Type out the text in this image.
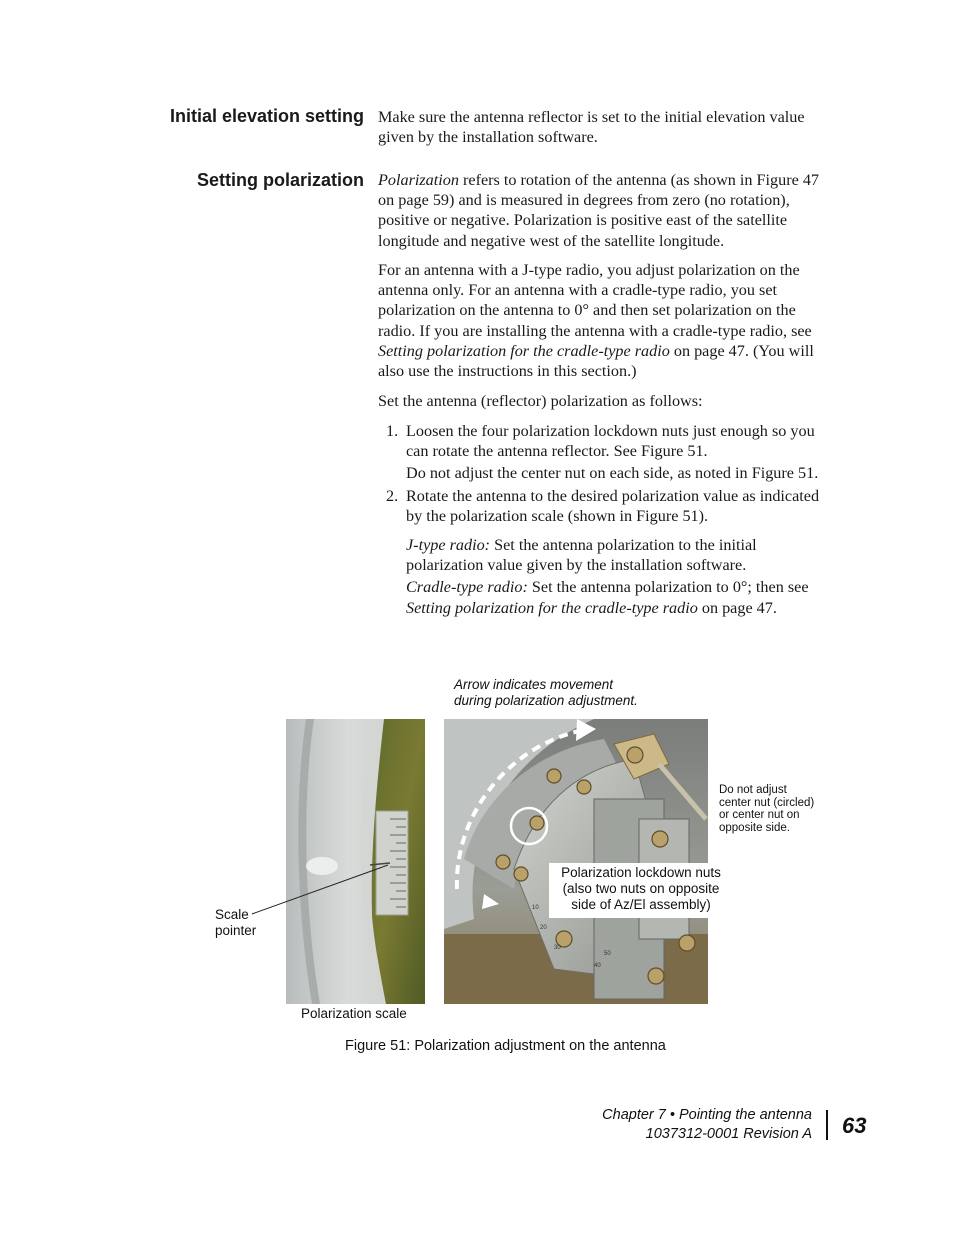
Initial elevation setting
Setting polarization

Make sure the antenna reflector is set to the initial elevation value given by the installation software.

Polarization refers to rotation of the antenna (as shown in Figure 47 on page 59) and is measured in degrees from zero (no rotation), positive or negative. Polarization is positive east of the satellite longitude and negative west of the satellite longitude.

For an antenna with a J-type radio, you adjust polarization on the antenna only. For an antenna with a cradle-type radio, you set polarization on the antenna to 0° and then set polarization on the radio. If you are installing the antenna with a cradle-type radio, see Setting polarization for the cradle-type radio on page 47. (You will also use the instructions in this section.)

Set the antenna (reflector) polarization as follows:

1. Loosen the four polarization lockdown nuts just enough so you can rotate the antenna reflector. See Figure 51.

Do not adjust the center nut on each side, as noted in Figure 51.

2. Rotate the antenna to the desired polarization value as indicated by the polarization scale (shown in Figure 51).

J-type radio: Set the antenna polarization to the initial polarization value given by the installation software.

Cradle-type radio: Set the antenna polarization to 0°; then see Setting polarization for the cradle-type radio on page 47.

Arrow indicates movement
during polarization adjustment.
10
20
30
40
50
Do not adjust
center nut (circled)
or center nut on
opposite side.
Polarization lockdown nuts
(also two nuts on opposite
side of Az/El assembly)
Scale
pointer
Polarization scale
Figure 51: Polarization adjustment on the antenna
Chapter 7 • Pointing the antenna
1037312-0001 Revision A 63
